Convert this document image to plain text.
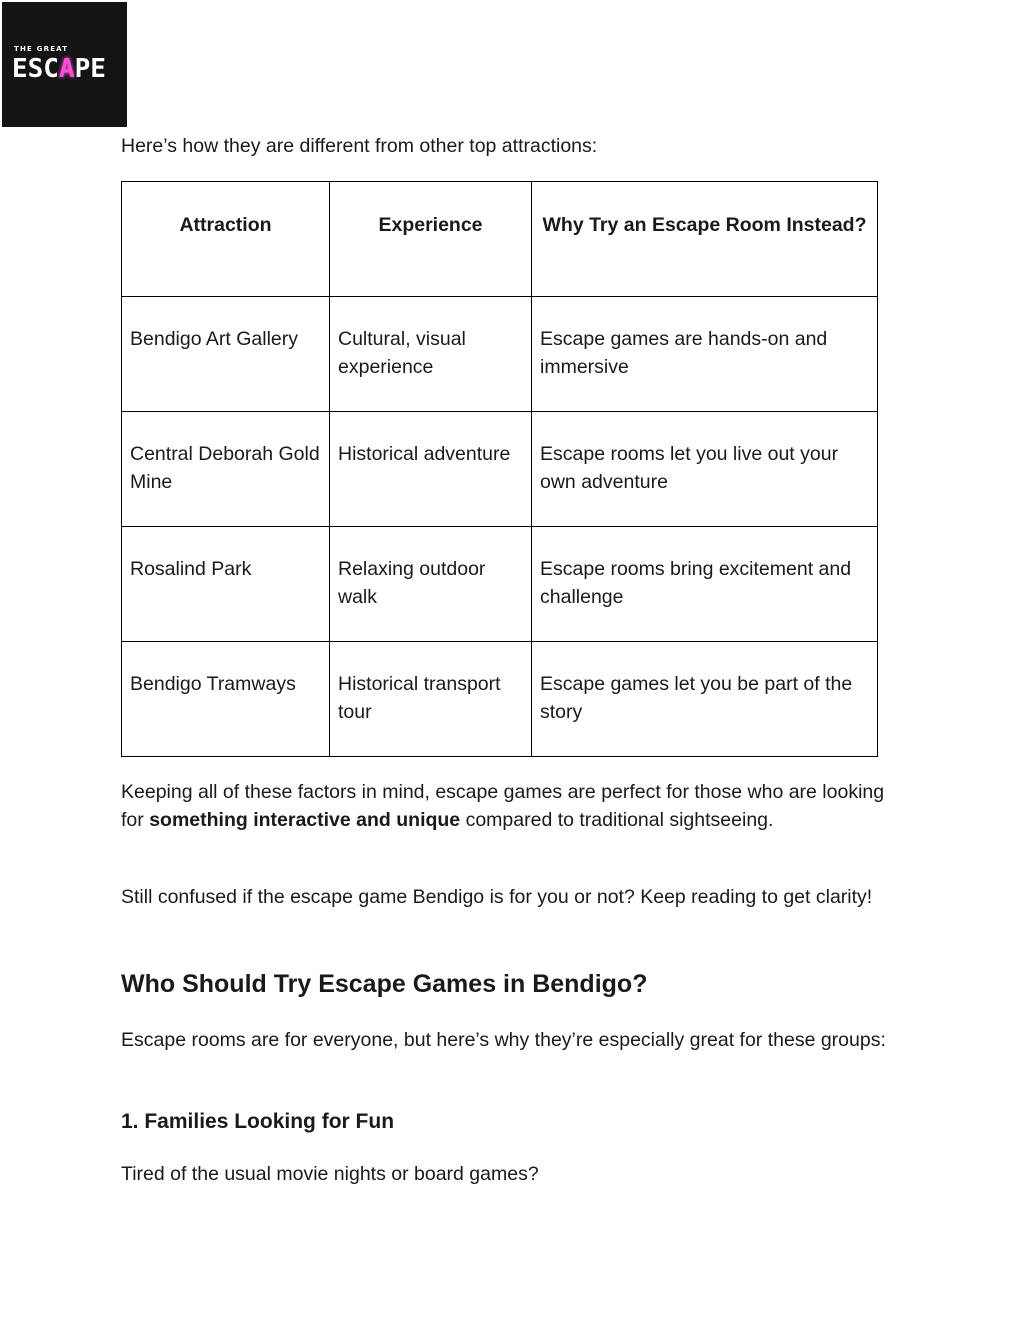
THE GREAT
ESC A PE

Here’s how they are different from other top attractions:

Attraction	Experience	Why Try an Escape Room Instead?
Bendigo Art Gallery	Cultural, visual experience	Escape games are hands-on and immersive
Central Deborah Gold Mine	Historical adventure	Escape rooms let you live out your own adventure
Rosalind Park	Relaxing outdoor walk	Escape rooms bring excitement and challenge
Bendigo Tramways	Historical transport tour	Escape games let you be part of the story

Keeping all of these factors in mind, escape games are perfect for those who are looking for something interactive and unique compared to traditional sightseeing.

Still confused if the escape game Bendigo is for you or not? Keep reading to get clarity!

Who Should Try Escape Games in Bendigo?

Escape rooms are for everyone, but here’s why they’re especially great for these groups:

1. Families Looking for Fun

Tired of the usual movie nights or board games?
